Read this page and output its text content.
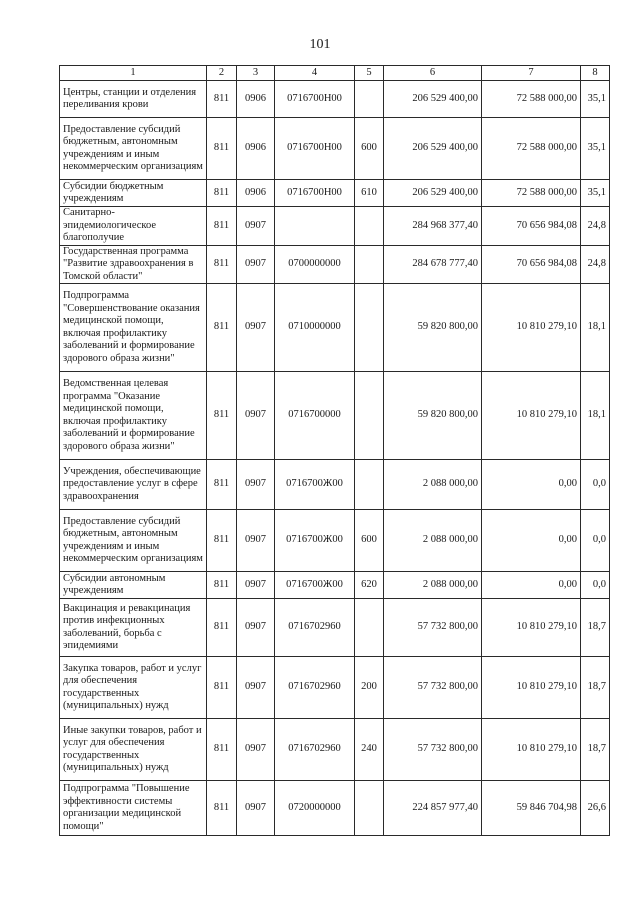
101
1	2	3	4	5	6	7	8
Центры, станции и отделения переливания крови	811	0906	0716700Н00		206 529 400,00	72 588 000,00	35,1
Предоставление субсидий бюджетным, автономным учреждениям и иным некоммерческим организациям	811	0906	0716700Н00	600	206 529 400,00	72 588 000,00	35,1
Субсидии бюджетным учреждениям	811	0906	0716700Н00	610	206 529 400,00	72 588 000,00	35,1
Санитарно-эпидемиологическое благополучие	811	0907			284 968 377,40	70 656 984,08	24,8
Государственная программа "Развитие здравоохранения в Томской области"	811	0907	0700000000		284 678 777,40	70 656 984,08	24,8
Подпрограмма "Совершенствование оказания медицинской помощи, включая профилактику заболеваний и формирование здорового образа жизни"	811	0907	0710000000		59 820 800,00	10 810 279,10	18,1
Ведомственная целевая программа "Оказание медицинской помощи, включая профилактику заболеваний и формирование здорового образа жизни"	811	0907	0716700000		59 820 800,00	10 810 279,10	18,1
Учреждения, обеспечивающие предоставление услуг в сфере здравоохранения	811	0907	0716700Ж00		2 088 000,00	0,00	0,0
Предоставление субсидий бюджетным, автономным учреждениям и иным некоммерческим организациям	811	0907	0716700Ж00	600	2 088 000,00	0,00	0,0
Субсидии автономным учреждениям	811	0907	0716700Ж00	620	2 088 000,00	0,00	0,0
Вакцинация и ревакцинация против инфекционных заболеваний, борьба с эпидемиями	811	0907	0716702960		57 732 800,00	10 810 279,10	18,7
Закупка товаров, работ и услуг для обеспечения государственных (муниципальных) нужд	811	0907	0716702960	200	57 732 800,00	10 810 279,10	18,7
Иные закупки товаров, работ и услуг для обеспечения государственных (муниципальных) нужд	811	0907	0716702960	240	57 732 800,00	10 810 279,10	18,7
Подпрограмма "Повышение эффективности системы организации медицинской помощи"	811	0907	0720000000		224 857 977,40	59 846 704,98	26,6
